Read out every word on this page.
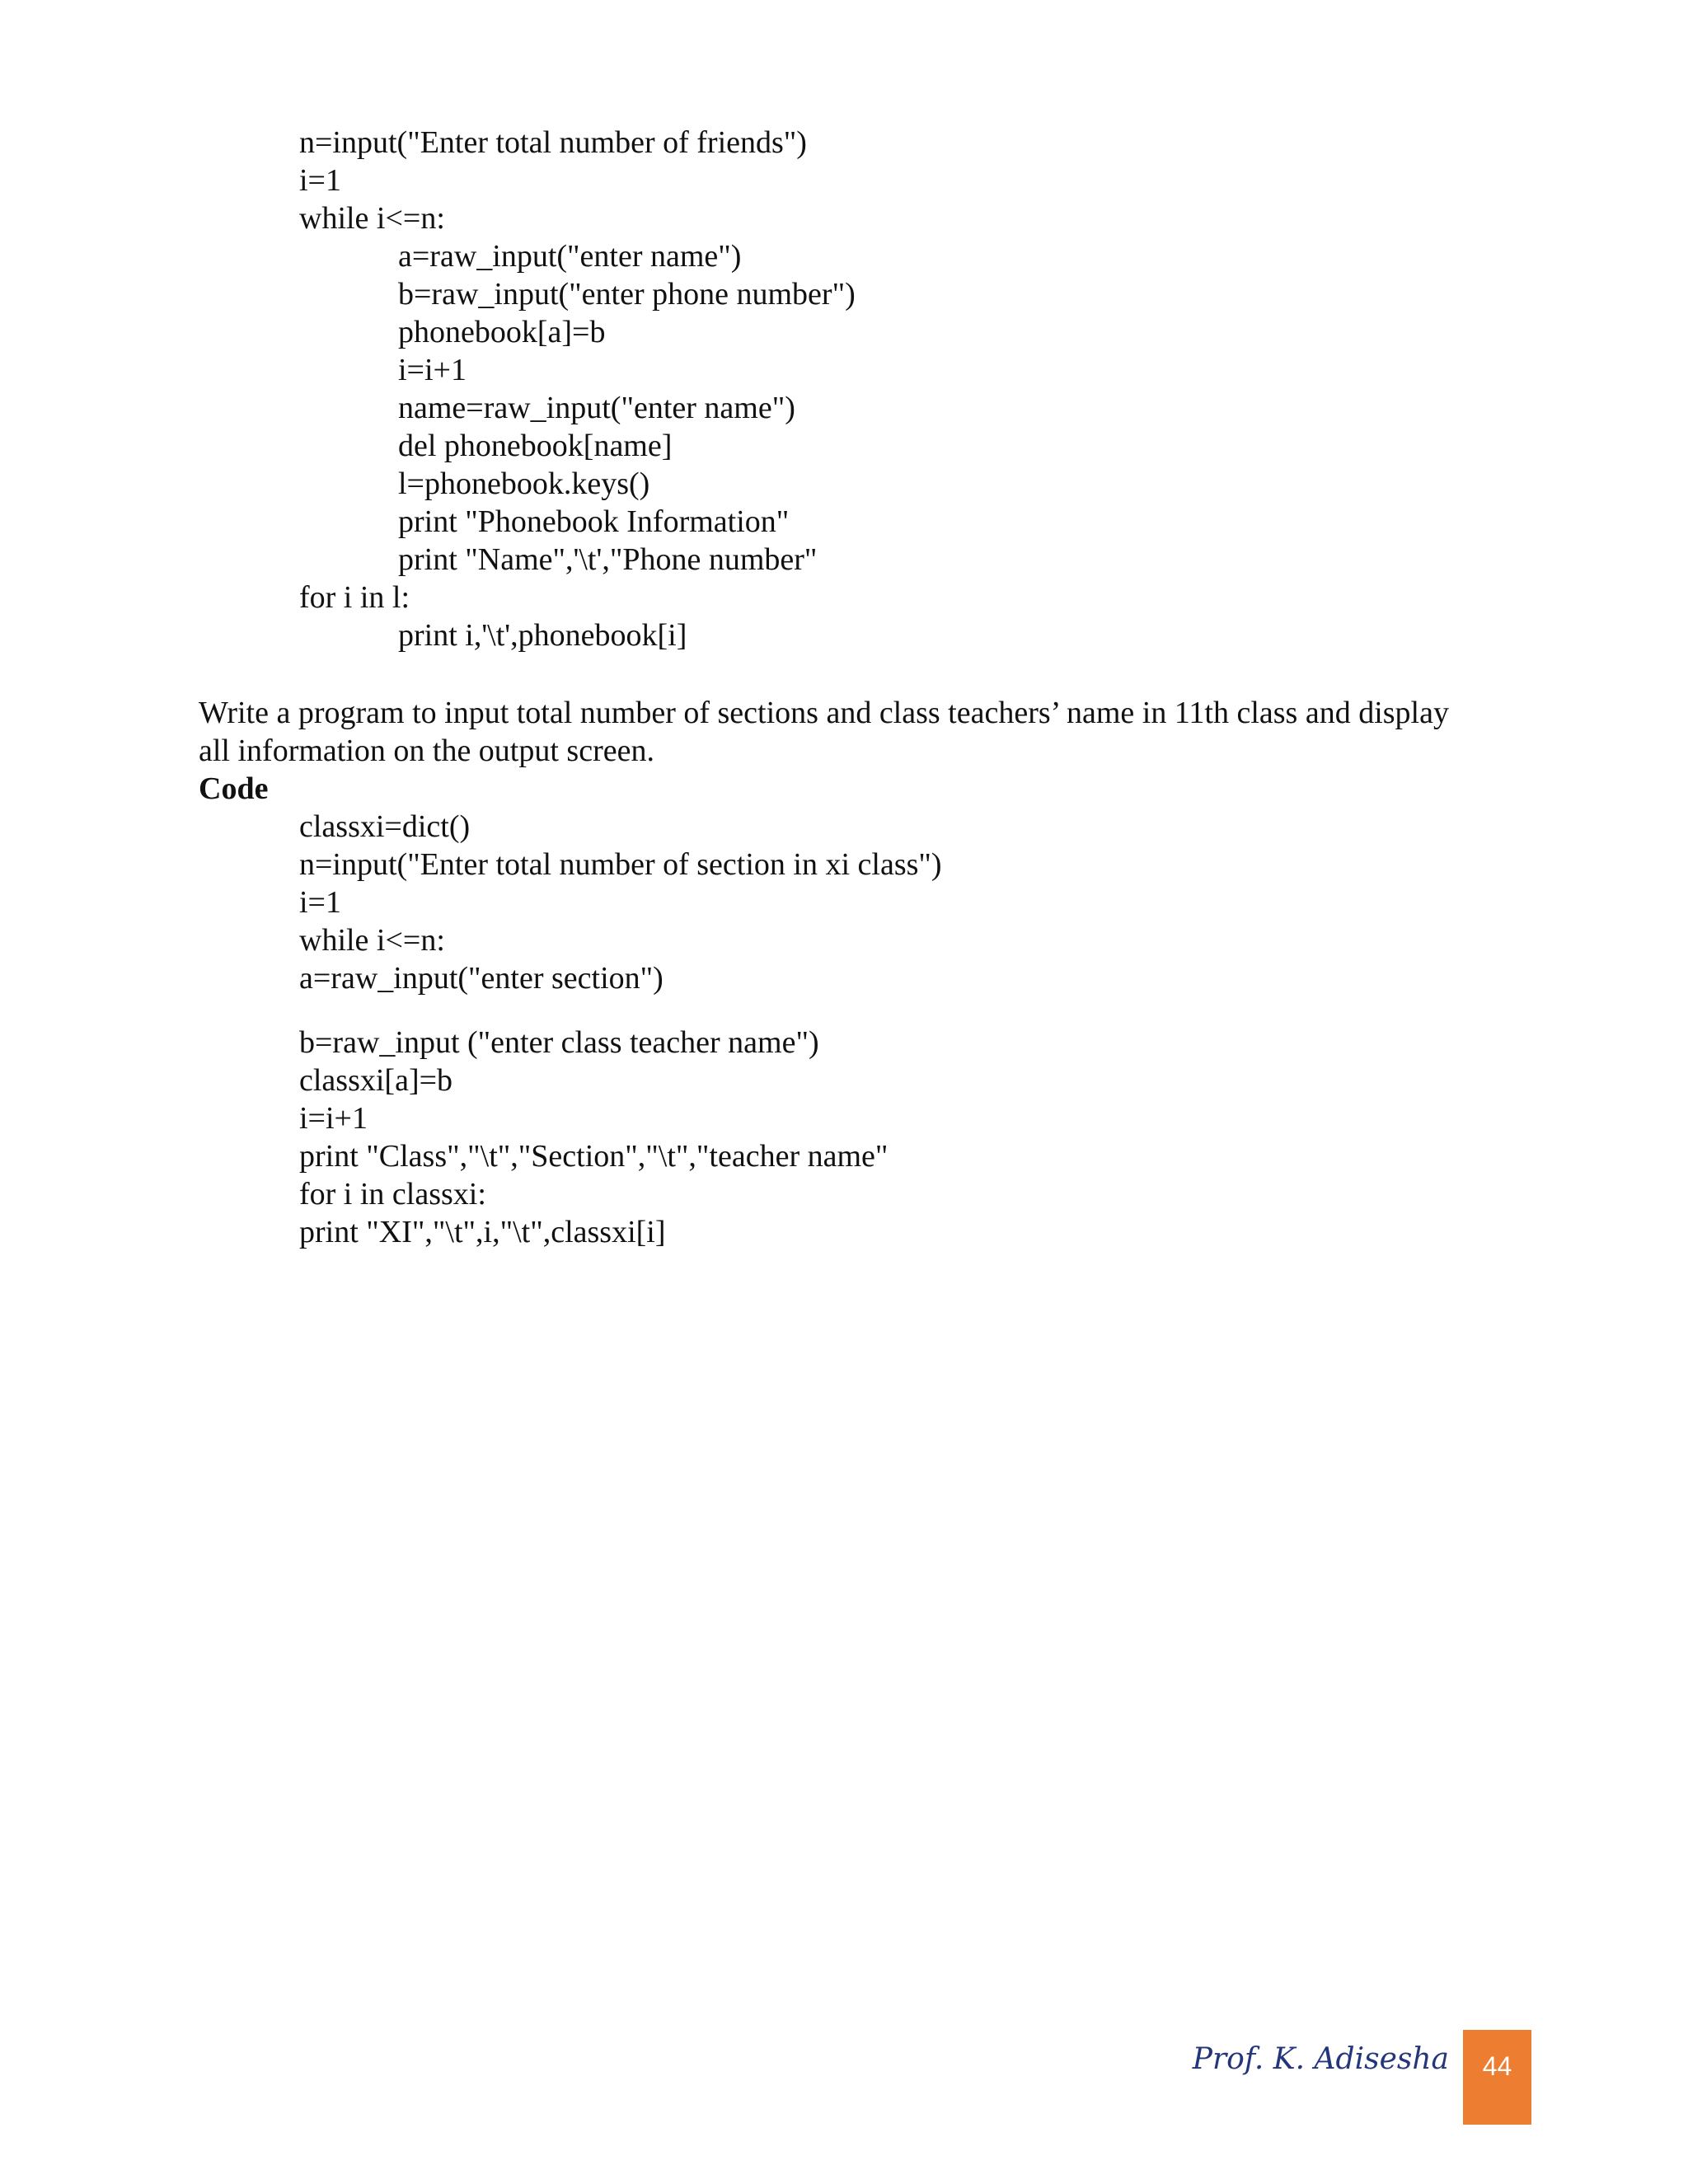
n=input("Enter total number of friends")
i=1
while i<=n:
a=raw_input("enter name")
b=raw_input("enter phone number")
phonebook[a]=b
i=i+1
name=raw_input("enter name")
del phonebook[name]
l=phonebook.keys()
print "Phonebook Information"
print "Name",'\t',"Phone number"
for i in l:
print i,'\t',phonebook[i]

Write a program to input total number of sections and class teachers’ name in 11th class and display all information on the output screen.

Code

classxi=dict()
n=input("Enter total number of section in xi class")
i=1
while i<=n:
a=raw_input("enter section")
b=raw_input ("enter class teacher name")
classxi[a]=b
i=i+1
print "Class","\t","Section","\t","teacher name"
for i in classxi:
print "XI","\t",i,"\t",classxi[i]
Prof. K. Adisesha	44
